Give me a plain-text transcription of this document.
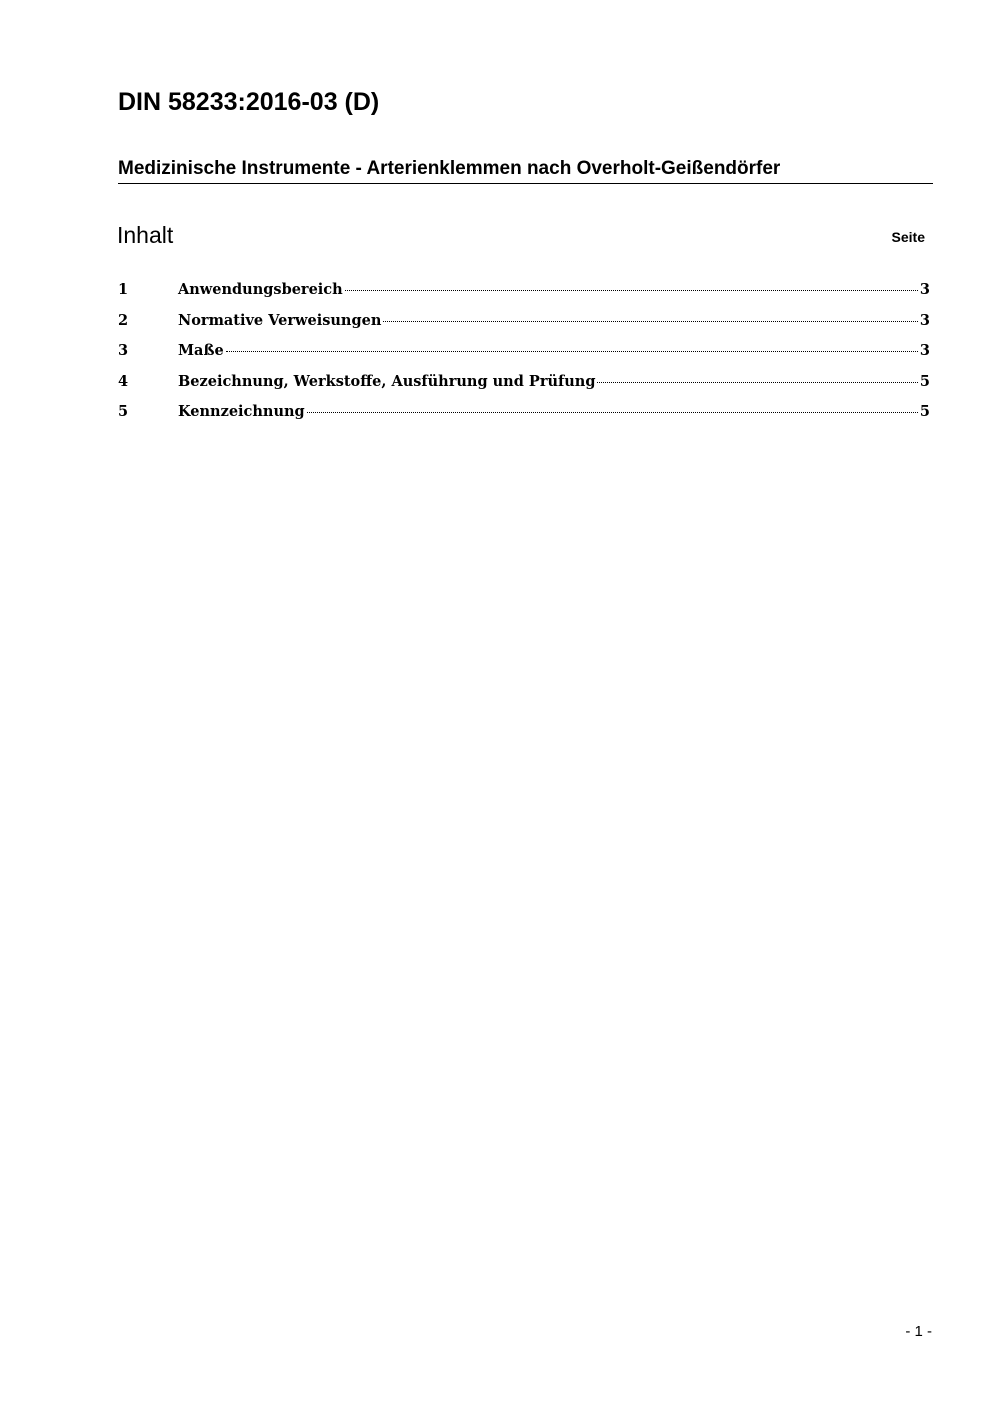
DIN 58233:2016-03 (D)
Medizinische Instrumente - Arterienklemmen nach Overholt-Geißendörfer
Inhalt	Seite
1	Anwendungsbereich	3
2	Normative Verweisungen	3
3	Maße	3
4	Bezeichnung, Werkstoffe, Ausführung und Prüfung	5
5	Kennzeichnung	5
- 1 -
